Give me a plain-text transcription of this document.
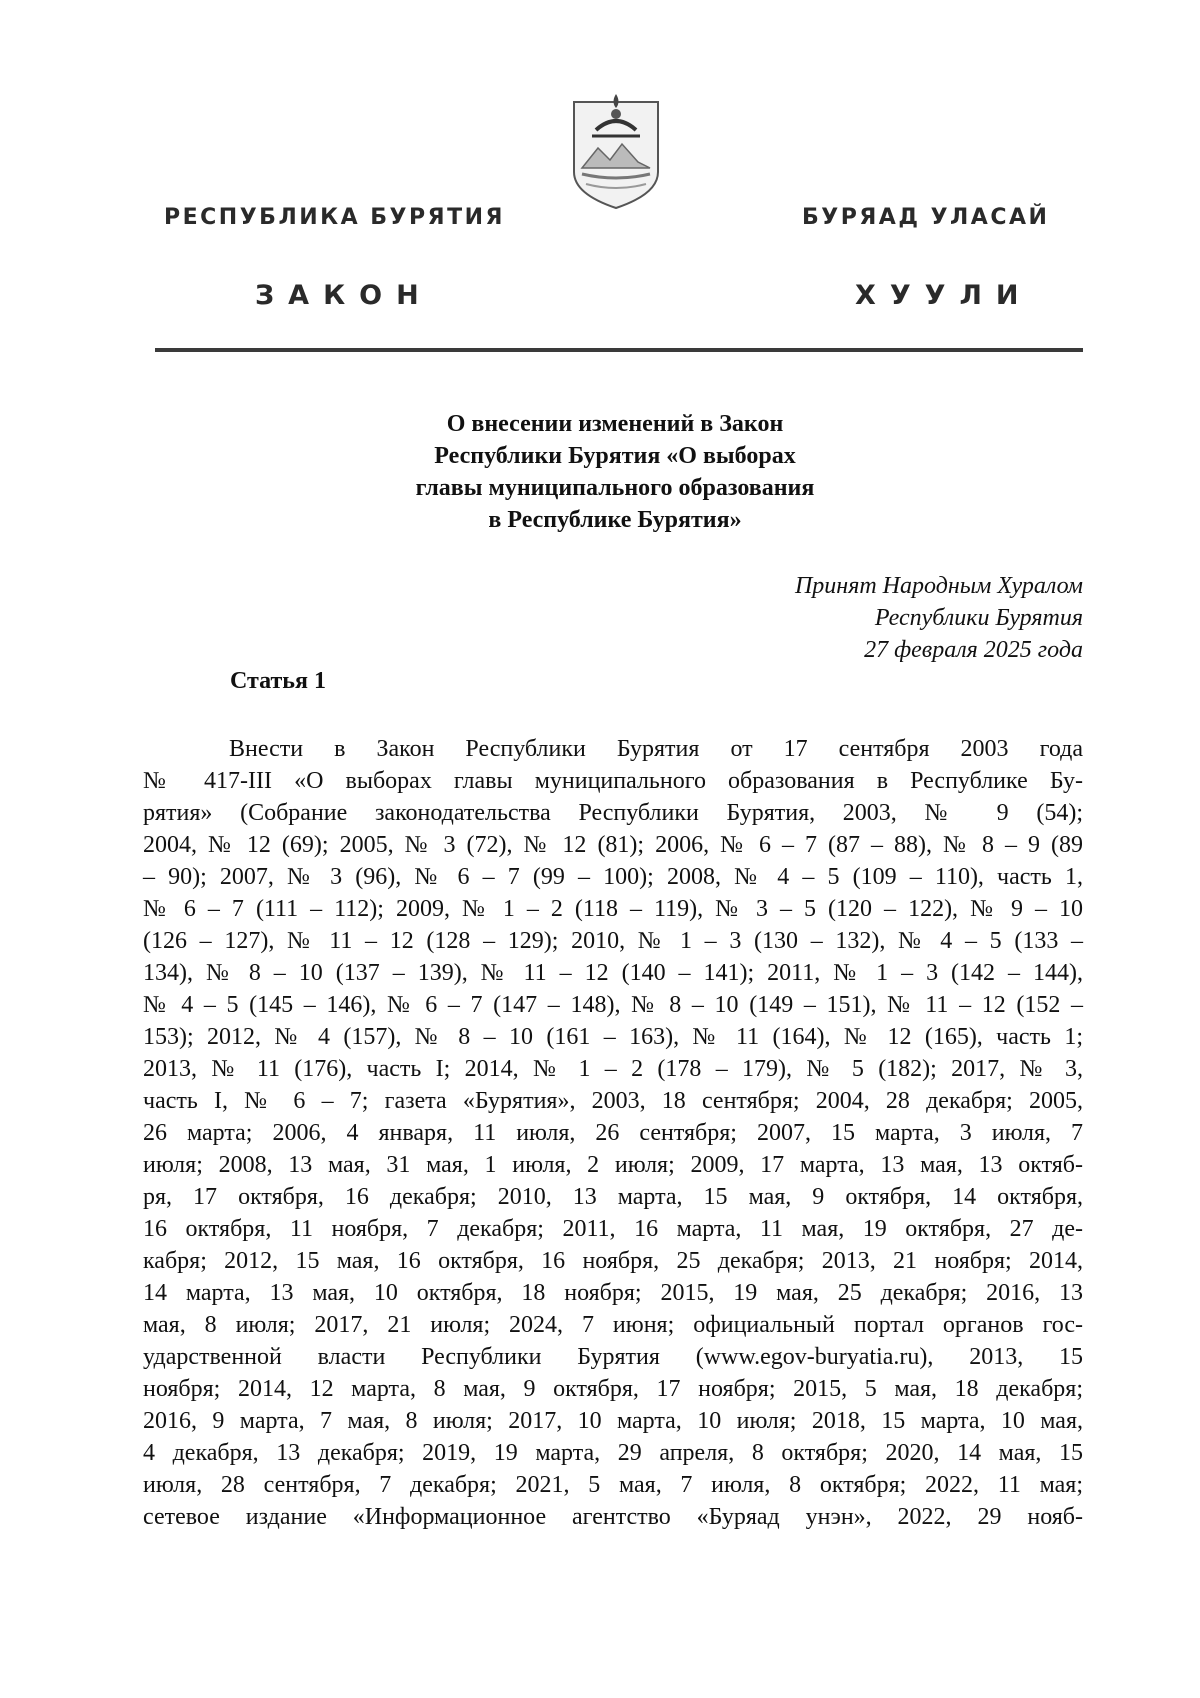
РЕСПУБЛИКА БУРЯТИЯ	БУРЯАД УЛАСАЙ
ЗАКОН	ХУУЛИ
О внесении изменений в Закон
Республики Бурятия «О выборах
главы муниципального образования
в Республике Бурятия»
Принят Народным Хуралом
Республики Бурятия
27 февраля 2025 года
Статья 1
Внести в Закон Республики Бурятия от 17 сентября 2003 года
№ 417-III «О выборах главы муниципального образования в Республике Бу-
рятия» (Собрание законодательства Республики Бурятия, 2003, № 9 (54);
2004, № 12 (69); 2005, № 3 (72), № 12 (81); 2006, № 6 – 7 (87 – 88), № 8 – 9 (89
– 90); 2007, № 3 (96), № 6 – 7 (99 – 100); 2008, № 4 – 5 (109 – 110), часть 1,
№ 6 – 7 (111 – 112); 2009, № 1 – 2 (118 – 119), № 3 – 5 (120 – 122), № 9 – 10
(126 – 127), № 11 – 12 (128 – 129); 2010, № 1 – 3 (130 – 132), № 4 – 5 (133 –
134), № 8 – 10 (137 – 139), № 11 – 12 (140 – 141); 2011, № 1 – 3 (142 – 144),
№ 4 – 5 (145 – 146), № 6 – 7 (147 – 148), № 8 – 10 (149 – 151), № 11 – 12 (152 –
153); 2012, № 4 (157), № 8 – 10 (161 – 163), № 11 (164), № 12 (165), часть 1;
2013, № 11 (176), часть I; 2014, № 1 – 2 (178 – 179), № 5 (182); 2017, № 3,
часть I, № 6 – 7; газета «Бурятия», 2003, 18 сентября; 2004, 28 декабря; 2005,
26 марта; 2006, 4 января, 11 июля, 26 сентября; 2007, 15 марта, 3 июля, 7
июля; 2008, 13 мая, 31 мая, 1 июля, 2 июля; 2009, 17 марта, 13 мая, 13 октяб-
ря, 17 октября, 16 декабря; 2010, 13 марта, 15 мая, 9 октября, 14 октября,
16 октября, 11 ноября, 7 декабря; 2011, 16 марта, 11 мая, 19 октября, 27 де-
кабря; 2012, 15 мая, 16 октября, 16 ноября, 25 декабря; 2013, 21 ноября; 2014,
14 марта, 13 мая, 10 октября, 18 ноября; 2015, 19 мая, 25 декабря; 2016, 13
мая, 8 июля; 2017, 21 июля; 2024, 7 июня; официальный портал органов гос-
ударственной власти Республики Бурятия (www.egov-buryatia.ru), 2013, 15
ноября; 2014, 12 марта, 8 мая, 9 октября, 17 ноября; 2015, 5 мая, 18 декабря;
2016, 9 марта, 7 мая, 8 июля; 2017, 10 марта, 10 июля; 2018, 15 марта, 10 мая,
4 декабря, 13 декабря; 2019, 19 марта, 29 апреля, 8 октября; 2020, 14 мая, 15
июля, 28 сентября, 7 декабря; 2021, 5 мая, 7 июля, 8 октября; 2022, 11 мая;
сетевое издание «Информационное агентство «Буряад унэн», 2022, 29 нояб-
